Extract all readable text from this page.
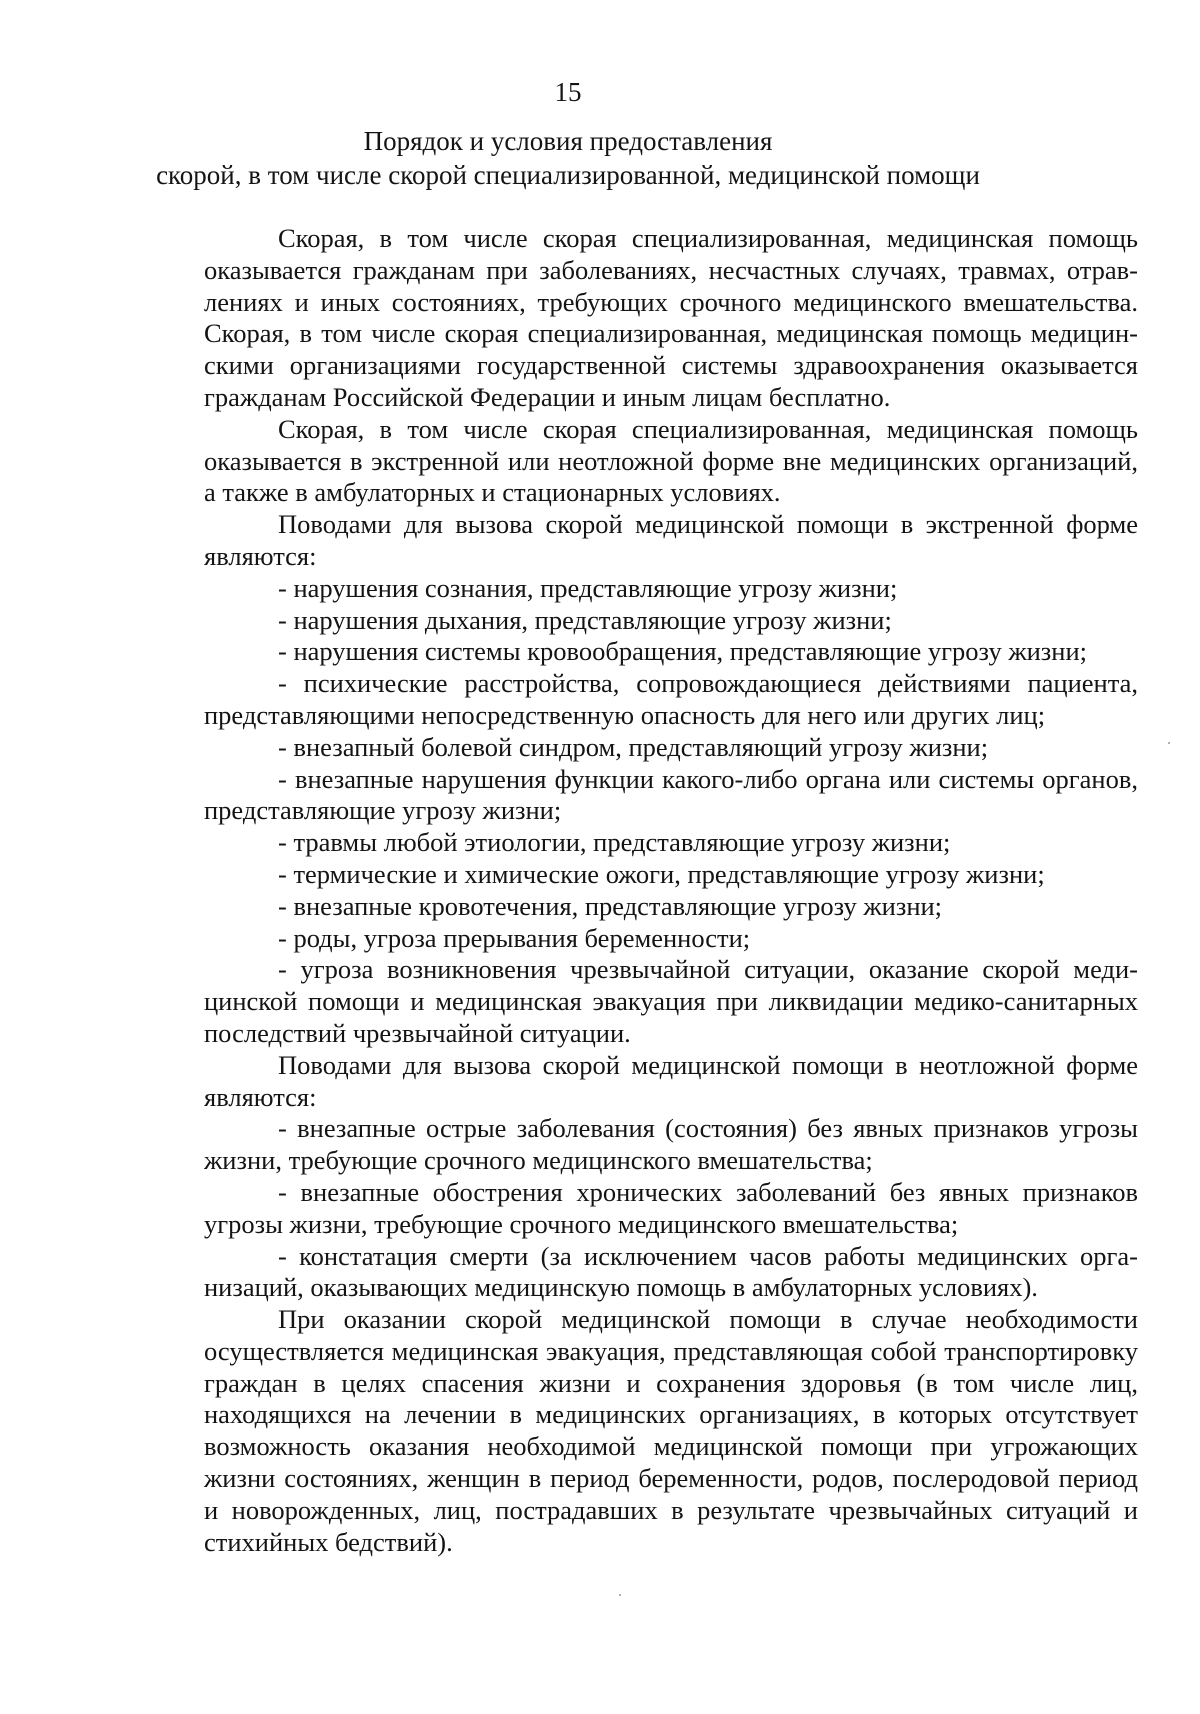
15
Порядок и условия предоставления
скорой, в том числе скорой специализированной, медицинской помощи

Скорая, в том числе скорая специализированная, медицинская помощь оказывается гражданам при заболеваниях, несчастных случаях, травмах, отравлениях и иных состояниях, требующих срочного медицинского вмешательства. Скорая, в том числе скорая специализированная, медицинская помощь медицинскими организациями государственной системы здравоохранения оказывается гражданам Российской Федерации и иным лицам бесплатно.

Скорая, в том числе скорая специализированная, медицинская помощь оказывается в экстренной или неотложной форме вне медицинских организаций, а также в амбулаторных и стационарных условиях.

Поводами для вызова скорой медицинской помощи в экстренной форме являются:

- нарушения сознания, представляющие угрозу жизни;

- нарушения дыхания, представляющие угрозу жизни;

- нарушения системы кровообращения, представляющие угрозу жизни;

- психические расстройства, сопровождающиеся действиями пациента, представляющими непосредственную опасность для него или других лиц;

- внезапный болевой синдром, представляющий угрозу жизни;

- внезапные нарушения функции какого-либо органа или системы органов, представляющие угрозу жизни;

- травмы любой этиологии, представляющие угрозу жизни;

- термические и химические ожоги, представляющие угрозу жизни;

- внезапные кровотечения, представляющие угрозу жизни;

- роды, угроза прерывания беременности;

- угроза возникновения чрезвычайной ситуации, оказание скорой медицинской помощи и медицинская эвакуация при ликвидации медико-санитарных последствий чрезвычайной ситуации.

Поводами для вызова скорой медицинской помощи в неотложной форме являются:

- внезапные острые заболевания (состояния) без явных признаков угрозы жизни, требующие срочного медицинского вмешательства;

- внезапные обострения хронических заболеваний без явных признаков угрозы жизни, требующие срочного медицинского вмешательства;

- констатация смерти (за исключением часов работы медицинских организаций, оказывающих медицинскую помощь в амбулаторных условиях).

При оказании скорой медицинской помощи в случае необходимости осуществляется медицинская эвакуация, представляющая собой транспортировку граждан в целях спасения жизни и сохранения здоровья (в том числе лиц, находящихся на лечении в медицинских организациях, в которых отсутствует возможность оказания необходимой медицинской помощи при угрожающих жизни состояниях, женщин в период беременности, родов, послеродовой период и новорожденных, лиц, пострадавших в результате чрезвычайных ситуаций и стихийных бедствий).
